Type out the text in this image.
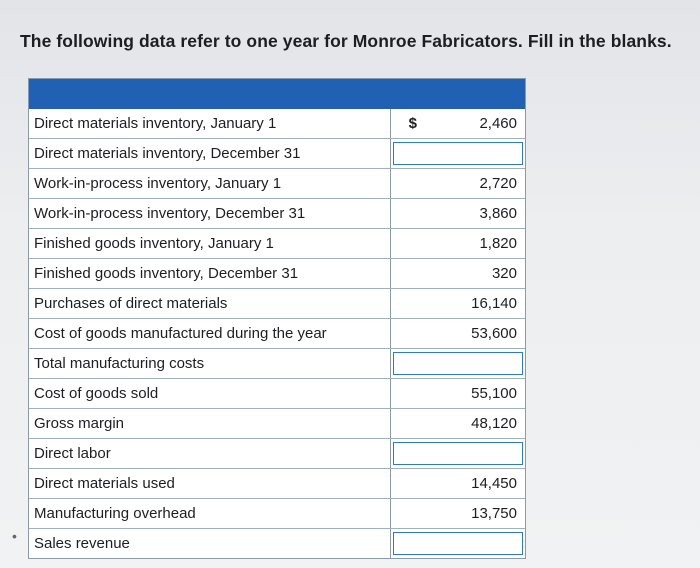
The following data refer to one year for Monroe Fabricators. Fill in the blanks.
Direct materials inventory, January 1	$	2,460
Direct materials inventory, December 31
Work-in-process inventory, January 1	2,720
Work-in-process inventory, December 31	3,860
Finished goods inventory, January 1	1,820
Finished goods inventory, December 31	320
Purchases of direct materials	16,140
Cost of goods manufactured during the year	53,600
Total manufacturing costs
Cost of goods sold	55,100
Gross margin	48,120
Direct labor
Direct materials used	14,450
Manufacturing overhead	13,750
Sales revenue
•
